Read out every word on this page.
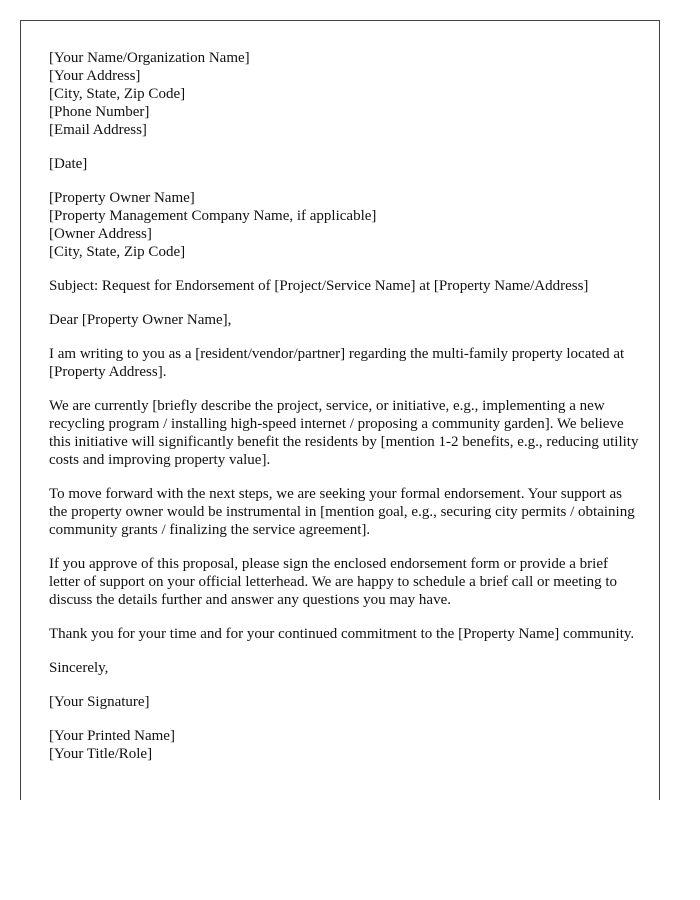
[Your Name/Organization Name]
[Your Address]
[City, State, Zip Code]
[Phone Number]
[Email Address]
[Date]
[Property Owner Name]
[Property Management Company Name, if applicable]
[Owner Address]
[City, State, Zip Code]

Subject: Request for Endorsement of [Project/Service Name] at [Property Name/Address]

Dear [Property Owner Name],

I am writing to you as a [resident/vendor/partner] regarding the multi-family property located at [Property Address].

We are currently [briefly describe the project, service, or initiative, e.g., implementing a new recycling program / installing high-speed internet / proposing a community garden]. We believe this initiative will significantly benefit the residents by [mention 1-2 benefits, e.g., reducing utility costs and improving property value].

To move forward with the next steps, we are seeking your formal endorsement. Your support as the property owner would be instrumental in [mention goal, e.g., securing city permits / obtaining community grants / finalizing the service agreement].

If you approve of this proposal, please sign the enclosed endorsement form or provide a brief letter of support on your official letterhead. We are happy to schedule a brief call or meeting to discuss the details further and answer any questions you may have.

Thank you for your time and for your continued commitment to the [Property Name] community.

Sincerely,

[Your Signature]

[Your Printed Name]
[Your Title/Role]
